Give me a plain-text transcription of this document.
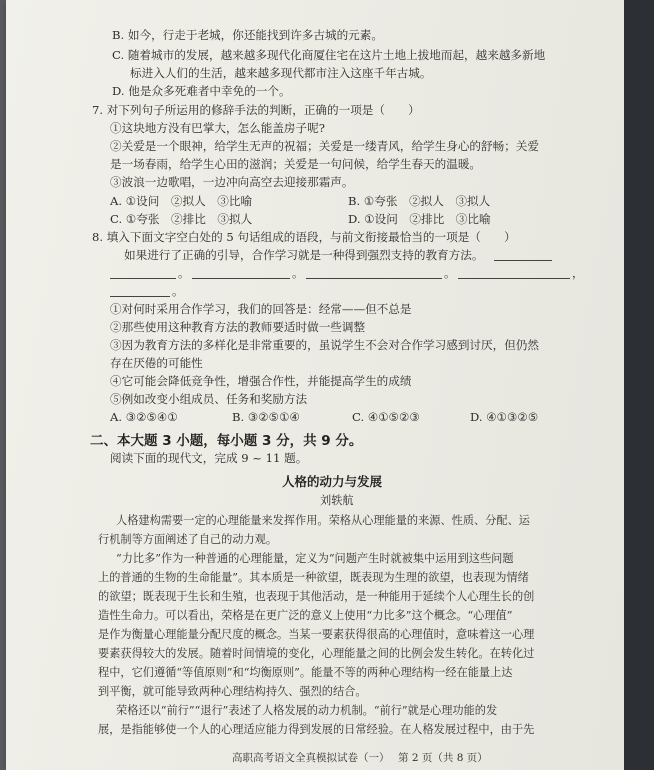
B. 如今，行走于老城，你还能找到许多古城的元素。
C. 随着城市的发展，越来越多现代化商厦住宅在这片土地上拔地而起，越来越多新地
标进入人们的生活，越来越多现代都市注入这座千年古城。
D. 他是众多死难者中幸免的一个。
7. 对下列句子所运用的修辞手法的判断，正确的一项是（　　）
①这块地方没有巴掌大，怎么能盖房子呢?
②关爱是一个眼神，给学生无声的祝福；关爱是一缕青风，给学生身心的舒畅；关爱
是一场春雨，给学生心田的滋润；关爱是一句问候，给学生春天的温暖。
③波浪一边歌唱，一边冲向高空去迎接那霜声。
A. ①设问　②拟人　③比喻	B. ①夸张　②拟人　③拟人
C. ①夸张　②排比　③拟人	D. ①设问　②排比　③比喻
8. 填入下面文字空白处的 5 句话组成的语段，与前文衔接最恰当的一项是（　　）
如果进行了正确的引导，合作学习就是一种得到强烈支持的教育方法。
。	。	。	，
。
①对何时采用合作学习，我们的回答是：经常——但不总是
②那些使用这种教育方法的教师要适时做一些调整
③因为教育方法的多样化是非常重要的，虽说学生不会对合作学习感到讨厌，但仍然
存在厌倦的可能性
④它可能会降低竞争性，增强合作性，并能提高学生的成绩
⑤例如改变小组成员、任务和奖励方法
A. ③②⑤④①	B. ③②⑤①④	C. ④①⑤②③	D. ④①③②⑤
二、本大题 3 小题，每小题 3 分，共 9 分。
阅读下面的现代文，完成 9 ~ 11 题。
人格的动力与发展
刘轶航
人格建构需要一定的心理能量来发挥作用。荣格从心理能量的来源、性质、分配、运
行机制等方面阐述了自己的动力观。
“力比多”作为一种普通的心理能量，定义为“问题产生时就被集中运用到这些问题
上的普通的生物的生命能量”。其本质是一种欲望，既表现为生理的欲望，也表现为情绪
的欲望；既表现于生长和生殖，也表现于其他活动，是一种能用于延续个人心理生长的创
造性生命力。可以看出，荣格是在更广泛的意义上使用“力比多”这个概念。“心理值”
是作为衡量心理能量分配尺度的概念。当某一要素获得很高的心理值时，意味着这一心理
要素获得较大的发展。随着时间情境的变化，心理能量之间的比例会发生转化。在转化过
程中，它们遵循“等值原则”和“均衡原则”。能量不等的两种心理结构一经在能量上达
到平衡，就可能导致两种心理结构持久、强烈的结合。
荣格还以“前行”“退行”表述了人格发展的动力机制。“前行”就是心理功能的发
展，是指能够使一个人的心理适应能力得到发展的日常经验。在人格发展过程中，由于先
高职高考语文全真模拟试卷（一） 第 2 页（共 8 页）
